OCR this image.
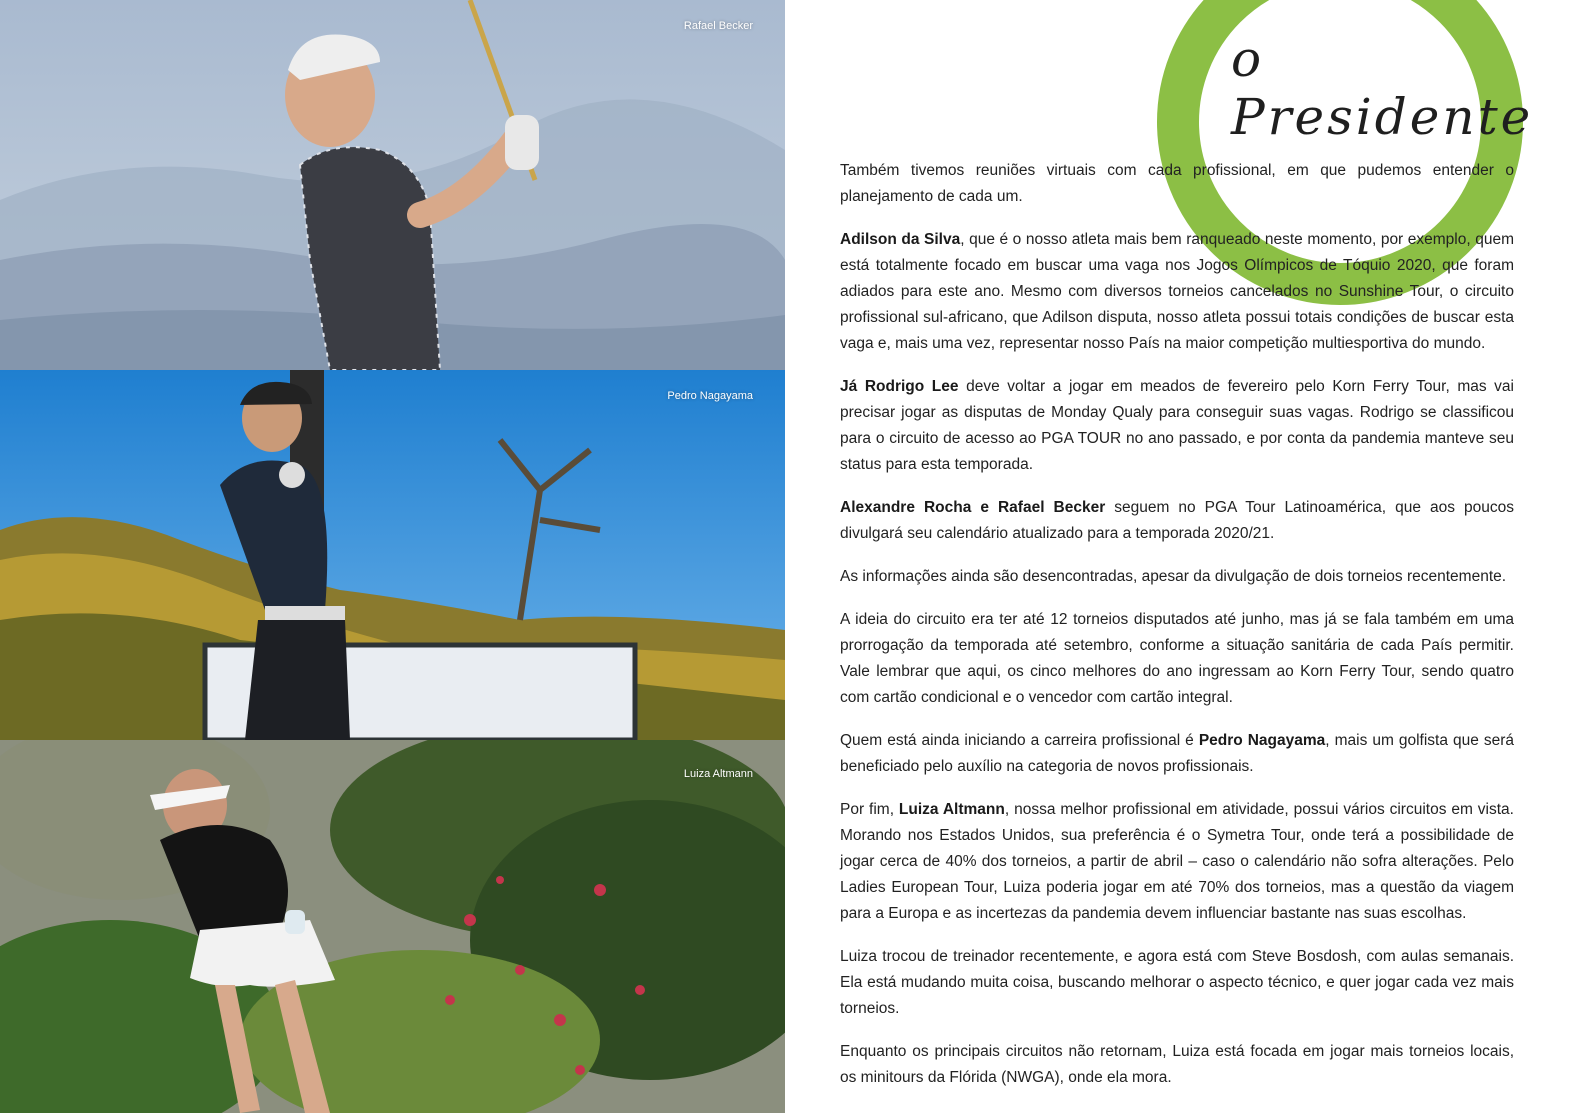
Rafael Becker
Pedro Nagayama
Luiza Altmann
o Presidente

Também tivemos reuniões virtuais com cada profissional, em que pudemos entender o planejamento de cada um.

Adilson da Silva, que é o nosso atleta mais bem ranqueado neste momento, por exemplo, quem está totalmente focado em buscar uma vaga nos Jogos Olímpicos de Tóquio 2020, que foram adiados para este ano. Mesmo com diversos torneios cancelados no Sunshine Tour, o circuito profissional sul-africano, que Adilson disputa, nosso atleta possui totais condições de buscar esta vaga e, mais uma vez, representar nosso País na maior competição multiesportiva do mundo.

Já Rodrigo Lee deve voltar a jogar em meados de fevereiro pelo Korn Ferry Tour, mas vai precisar jogar as disputas de Monday Qualy para conseguir suas vagas. Rodrigo se classificou para o circuito de acesso ao PGA TOUR no ano passado, e por conta da pandemia manteve seu status para esta temporada.

Alexandre Rocha e Rafael Becker seguem no PGA Tour Latinoamérica, que aos poucos divulgará seu calendário atualizado para a temporada 2020/21.

As informações ainda são desencontradas, apesar da divulgação de dois torneios recentemente.

A ideia do circuito era ter até 12 torneios disputados até junho, mas já se fala também em uma prorrogação da temporada até setembro, conforme a situação sanitária de cada País permitir. Vale lembrar que aqui, os cinco melhores do ano ingressam ao Korn Ferry Tour, sendo quatro com cartão condicional e o vencedor com cartão integral.

Quem está ainda iniciando a carreira profissional é Pedro Nagayama, mais um golfista que será beneficiado pelo auxílio na categoria de novos profissionais.

Por fim, Luiza Altmann, nossa melhor profissional em atividade, possui vários circuitos em vista. Morando nos Estados Unidos, sua preferência é o Symetra Tour, onde terá a possibilidade de jogar cerca de 40% dos torneios, a partir de abril – caso o calendário não sofra alterações. Pelo Ladies European Tour, Luiza poderia jogar em até 70% dos torneios, mas a questão da viagem para a Europa e as incertezas da pandemia devem influenciar bastante nas suas escolhas.

Luiza trocou de treinador recentemente, e agora está com Steve Bosdosh, com aulas semanais. Ela está mudando muita coisa, buscando melhorar o aspecto técnico, e quer jogar cada vez mais torneios.

Enquanto os principais circuitos não retornam, Luiza está focada em jogar mais torneios locais, os minitours da Flórida (NWGA), onde ela mora.
